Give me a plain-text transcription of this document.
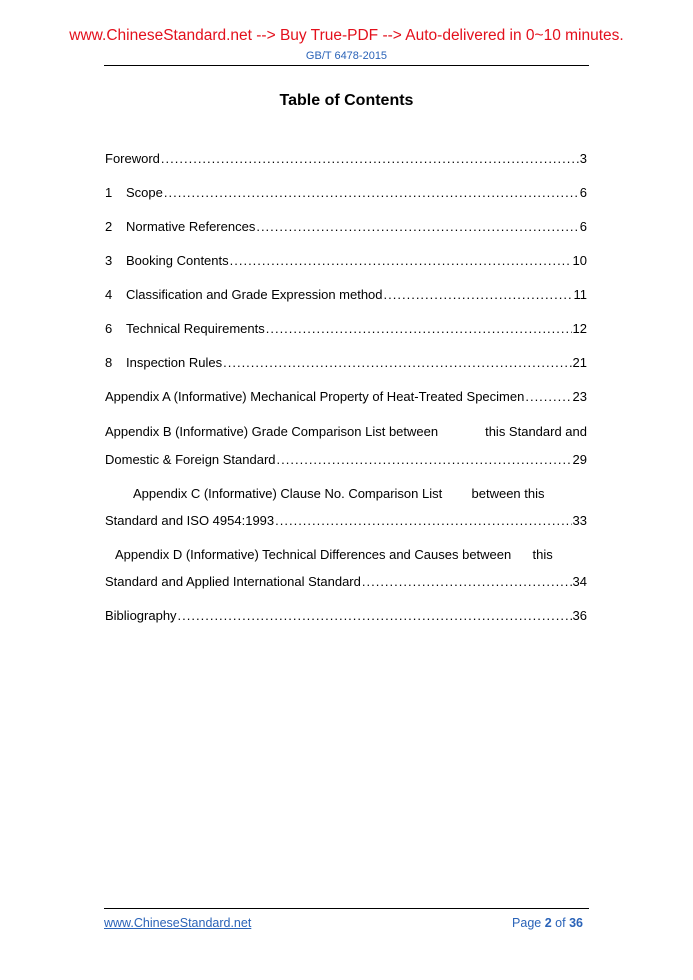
www.ChineseStandard.net --> Buy True-PDF --> Auto-delivered in 0~10 minutes.
GB/T 6478-2015
Table of Contents
Foreword .....	3
1	Scope .....	6
2	Normative References .....	6
3	Booking Contents .....	10
4	Classification and Grade Expression method .....	11
6	Technical Requirements .....	12
8	Inspection Rules .....	21
Appendix A (Informative) Mechanical Property of Heat-Treated Specimen .....	23
Appendix B (Informative) Grade Comparison List between	this Standard and
Domestic & Foreign Standard .....	29
Appendix C (Informative) Clause No. Comparison List between this
Standard and ISO 4954:1993 .....	33
Appendix D (Informative) Technical Differences and Causes between this
Standard and Applied International Standard .....	34
Bibliography .....	36
www.ChineseStandard.net	Page 2 of 36
